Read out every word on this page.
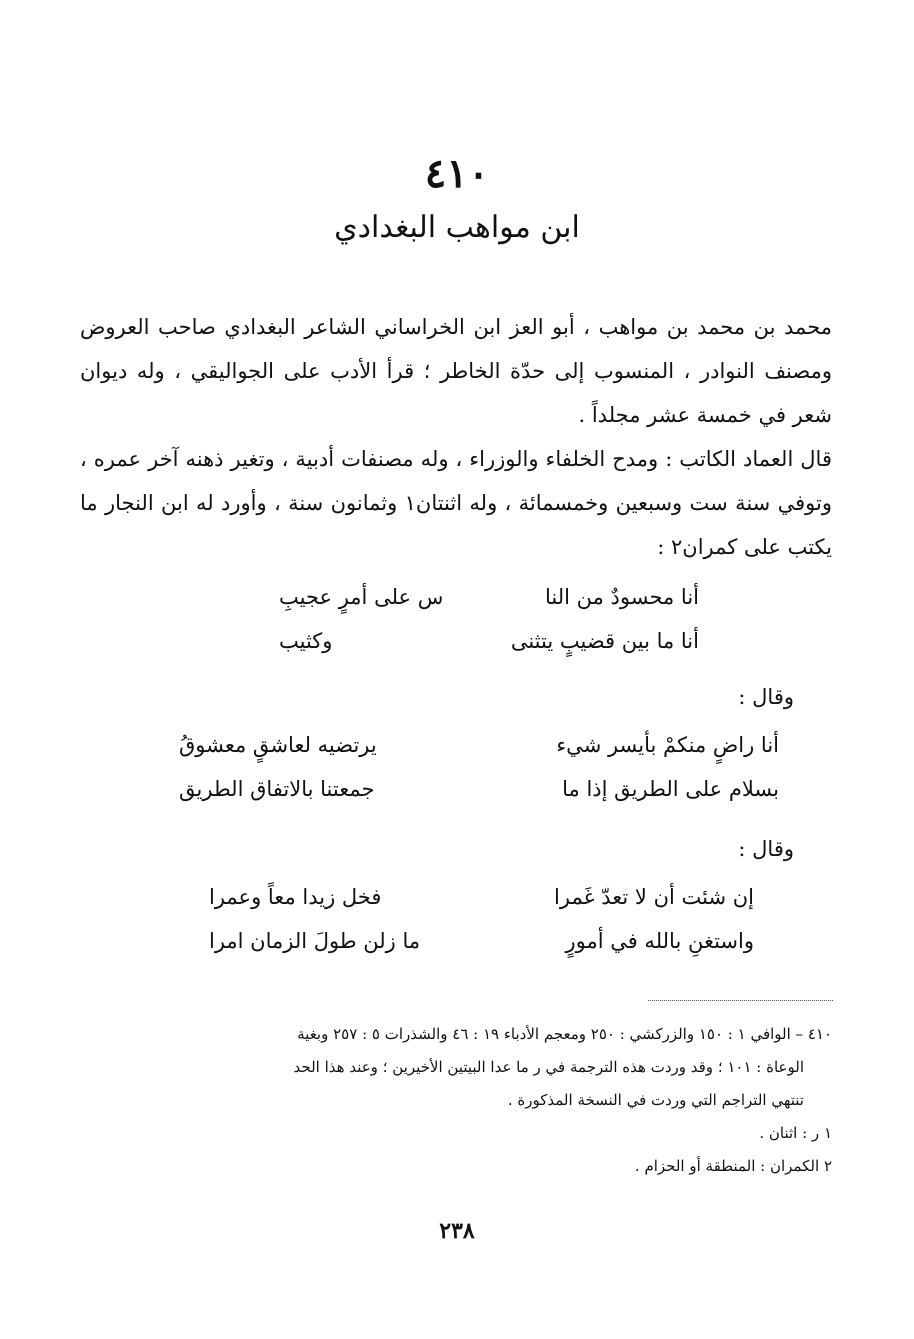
٤١٠
ابن مواهب البغدادي

محمد بن محمد بن مواهب ، أبو العز ابن الخراساني الشاعر البغدادي صاحب العروض ومصنف النوادر ، المنسوب إلى حدّة الخاطر ؛ قرأ الأدب على الجواليقي ، وله ديوان شعر في خمسة عشر مجلداً .

قال العماد الكاتب : ومدح الخلفاء والوزراء ، وله مصنفات أدبية ، وتغير ذهنه آخر عمره ، وتوفي سنة ست وسبعين وخمسمائة ، وله اثنتان١ وثمانون سنة ، وأورد له ابن النجار ما يكتب على كمران٢ :

أنا محسودٌ من النا
س على أمرٍ عجيبِ
أنا ما بين قضيبٍ يتثنى
وكثيب
وقال :
أنا راضٍ منكمْ بأيسر شيء
يرتضيه لعاشقٍ معشوقُ
بسلام على الطريق إذا ما
جمعتنا بالاتفاق الطريق
وقال :
إن شئت أن لا تعدّ غَمرا
فخل زيدا معاً وعمرا
واستغنِ بالله في أمورٍ
ما زلن طولَ الزمان امرا

٤١٠ – الوافي ١ : ١٥٠ والزركشي : ٢٥٠ ومعجم الأدباء ١٩ : ٤٦ والشذرات ٥ : ٢٥٧ وبغية

الوعاة : ١٠١ ؛ وقد وردت هذه الترجمة في ر ما عدا البيتين الأخيرين ؛ وعند هذا الحد

تنتهي التراجم التي وردت في النسخة المذكورة .

١ ر : اثنان .

٢ الكمران : المنطقة أو الحزام .

٢٣٨
